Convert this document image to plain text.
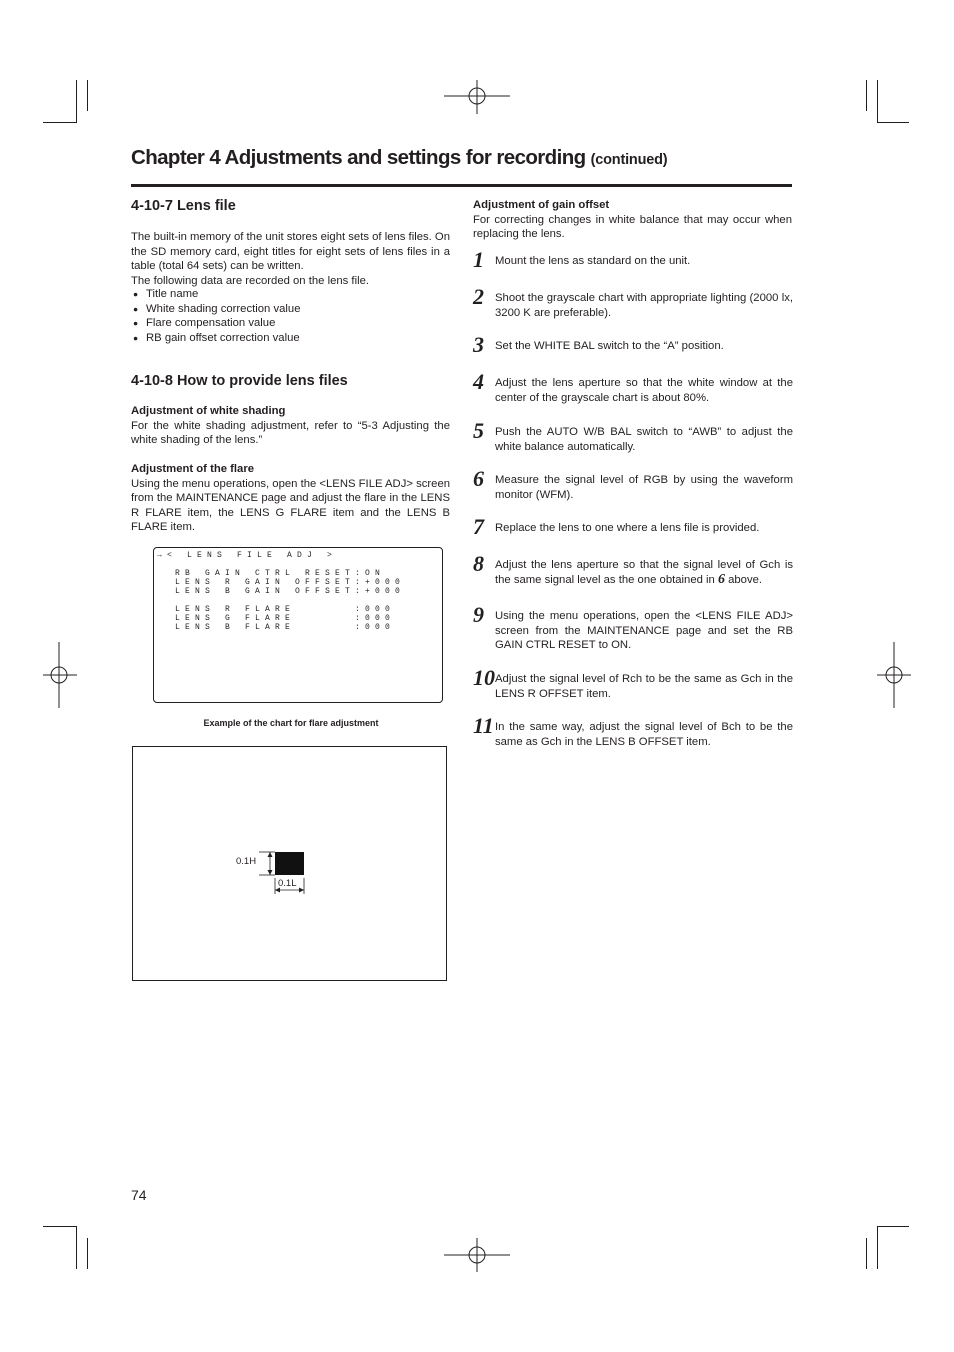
Chapter 4 Adjustments and settings for recording (continued)
4-10-7 Lens file
The built-in memory of the unit stores eight sets of lens files. On the SD memory card, eight titles for eight sets of lens files in a table (total 64 sets) can be written.
The following data are recorded on the lens file.
● Title name
● White shading correction value
● Flare compensation value
● RB gain offset correction value
4-10-8 How to provide lens files
Adjustment of white shading
For the white shading adjustment, refer to “5-3 Adjusting the white shading of the lens.”
Adjustment of the flare
Using the menu operations, open the <LENS FILE ADJ> screen from the MAINTENANCE page and adjust the flare in the LENS R FLARE item, the LENS G FLARE item and the LENS B FLARE item.
→< LENS FILE ADJ >
RB GAIN CTRL RESET:ON
LENS R GAIN OFFSET:+000
LENS B GAIN OFFSET:+000
LENS R FLARE      :000
LENS G FLARE      :000
LENS B FLARE      :000
Example of the chart for flare adjustment
0.1H
0.1L
Adjustment of gain offset
For correcting changes in white balance that may occur when replacing the lens.
1 Mount the lens as standard on the unit.
2 Shoot the grayscale chart with appropriate lighting (2000 lx, 3200 K are preferable).
3 Set the WHITE BAL switch to the “A” position.
4 Adjust the lens aperture so that the white window at the center of the grayscale chart is about 80%.
5 Push the AUTO W/B BAL switch to “AWB” to adjust the white balance automatically.
6 Measure the signal level of RGB by using the waveform monitor (WFM).
7 Replace the lens to one where a lens file is provided.
8 Adjust the lens aperture so that the signal level of Gch is the same signal level as the one obtained in 6 above.
9 Using the menu operations, open the <LENS FILE ADJ> screen from the MAINTENANCE page and set the RB GAIN CTRL RESET to ON.
10 Adjust the signal level of Rch to be the same as Gch in the LENS R OFFSET item.
11 In the same way, adjust the signal level of Bch to be the same as Gch in the LENS B OFFSET item.
74
